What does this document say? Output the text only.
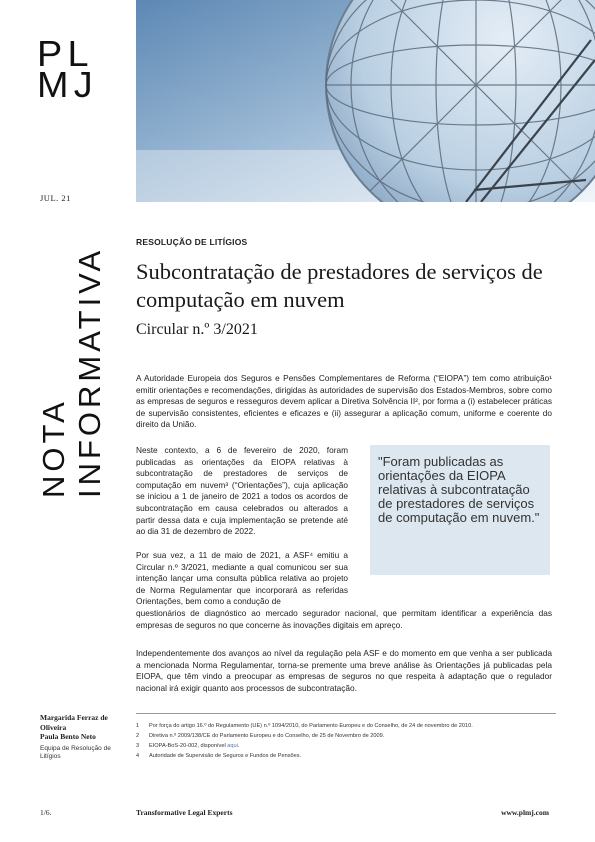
PL
MJ
JUL. 21
NOTA INFORMATIVA
RESOLUÇÃO DE LITÍGIOS
Subcontratação de prestadores de serviços de computação em nuvem
Circular n.º 3/2021

A Autoridade Europeia dos Seguros e Pensões Complementares de Reforma (“EIOPA”) tem como atribuição¹ emitir orientações e recomendações, dirigidas às autoridades de supervisão dos Estados-Membros, sobre como as empresas de seguros e resseguros devem aplicar a Diretiva Solvência II², por forma a (i) estabelecer práticas de supervisão consistentes, eficientes e eficazes e (ii) assegurar a aplicação comum, uniforme e coerente do direito da União.

Neste contexto, a 6 de fevereiro de 2020, foram publicadas as orientações da EIOPA relativas à subcontratação de prestadores de serviços de computação em nuvem³ (“Orientações”), cuja aplicação se iniciou a 1 de janeiro de 2021 a todos os acordos de subcontratação em causa celebrados ou alterados a partir dessa data e cuja implementação se pretende até ao dia 31 de dezembro de 2022.

Por sua vez, a 11 de maio de 2021, a ASF⁴ emitiu a Circular n.º 3/2021, mediante a qual comunicou ser sua intenção lançar uma consulta pública relativa ao projeto de Norma Regulamentar que incorporará as referidas Orientações, bem como a condução de

questionários de diagnóstico ao mercado segurador nacional, que permitam identificar a experiência das empresas de seguros no que concerne às inovações digitais em apreço.

Independentemente dos avanços ao nível da regulação pela ASF e do momento em que venha a ser publicada a mencionada Norma Regulamentar, torna-se premente uma breve análise às Orientações já publicadas pela EIOPA, que têm vindo a preocupar as empresas de seguros no que respeita à adaptação que o regulador nacional irá exigir quanto aos processos de subcontratação.

"Foram publicadas as orientações da EIOPA relativas à subcontratação de prestadores de serviços de computação em nuvem."
Margarida Ferraz de Oliveira
Paula Bento Neto
Equipa de Resolução de Litígios
1 Por força do artigo 16.º do Regulamento (UE) n.º 1094/2010, do Parlamento Europeu e do Conselho, de 24 de novembro de 2010.
2 Diretiva n.º 2009/138/CE do Parlamento Europeu e do Conselho, de 25 de Novembro de 2009.
3 EIOPA-BoS-20-002, disponível aqui.
4 Autoridade de Supervisão de Seguros e Fundos de Pensões.
1/6.	Transformative Legal Experts	www.plmj.com
